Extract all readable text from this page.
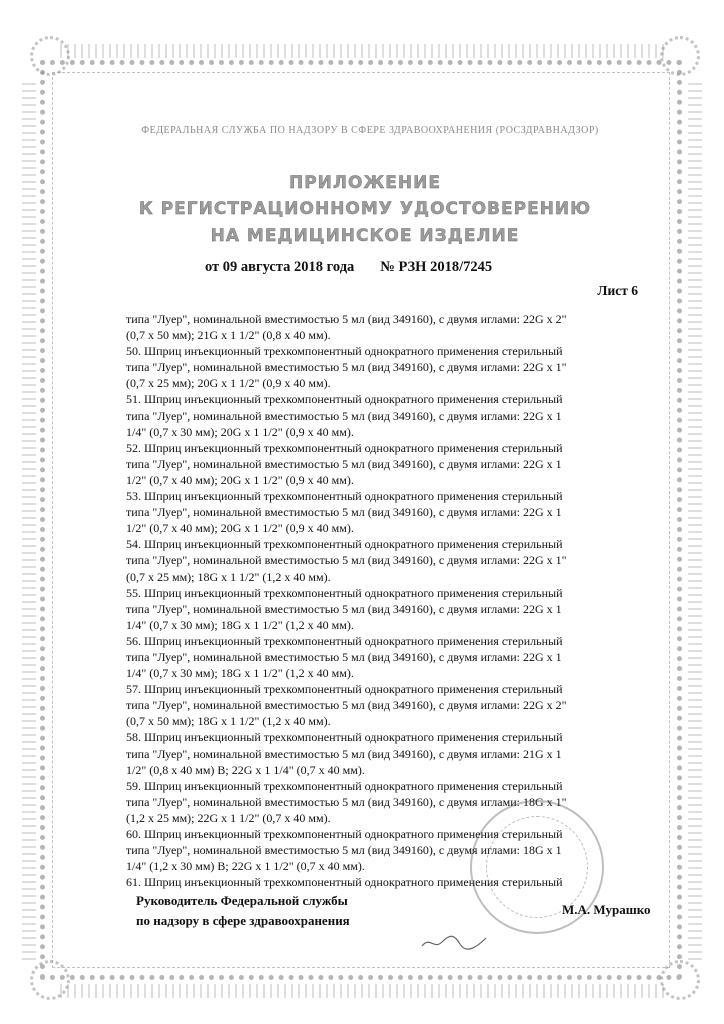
ФЕДЕРАЛЬНАЯ СЛУЖБА ПО НАДЗОРУ В СФЕРЕ ЗДРАВООХРАНЕНИЯ (РОСЗДРАВНАДЗОР)
ПРИЛОЖЕНИЕ
К РЕГИСТРАЦИОННОМУ УДОСТОВЕРЕНИЮ
НА МЕДИЦИНСКОЕ ИЗДЕЛИЕ
от 09 августа 2018 года № РЗН 2018/7245
Лист 6
типа "Луер", номинальной вместимостью 5 мл (вид 349160), с двумя иглами: 22G x 2"
(0,7 x 50 мм); 21G x 1 1/2" (0,8 x 40 мм).
50. Шприц инъекционный трехкомпонентный однократного применения стерильный
типа "Луер", номинальной вместимостью 5 мл (вид 349160), с двумя иглами: 22G x 1"
(0,7 x 25 мм); 20G x 1 1/2" (0,9 x 40 мм).
51. Шприц инъекционный трехкомпонентный однократного применения стерильный
типа "Луер", номинальной вместимостью 5 мл (вид 349160), с двумя иглами: 22G x 1
1/4" (0,7 x 30 мм); 20G x 1 1/2" (0,9 x 40 мм).
52. Шприц инъекционный трехкомпонентный однократного применения стерильный
типа "Луер", номинальной вместимостью 5 мл (вид 349160), с двумя иглами: 22G x 1
1/2" (0,7 x 40 мм); 20G x 1 1/2" (0,9 x 40 мм).
53. Шприц инъекционный трехкомпонентный однократного применения стерильный
типа "Луер", номинальной вместимостью 5 мл (вид 349160), с двумя иглами: 22G x 1
1/2" (0,7 x 40 мм); 20G x 1 1/2" (0,9 x 40 мм).
54. Шприц инъекционный трехкомпонентный однократного применения стерильный
типа "Луер", номинальной вместимостью 5 мл (вид 349160), с двумя иглами: 22G x 1"
(0,7 x 25 мм); 18G x 1 1/2" (1,2 x 40 мм).
55. Шприц инъекционный трехкомпонентный однократного применения стерильный
типа "Луер", номинальной вместимостью 5 мл (вид 349160), с двумя иглами: 22G x 1
1/4" (0,7 x 30 мм); 18G x 1 1/2" (1,2 x 40 мм).
56. Шприц инъекционный трехкомпонентный однократного применения стерильный
типа "Луер", номинальной вместимостью 5 мл (вид 349160), с двумя иглами: 22G x 1
1/4" (0,7 x 30 мм); 18G x 1 1/2" (1,2 x 40 мм).
57. Шприц инъекционный трехкомпонентный однократного применения стерильный
типа "Луер", номинальной вместимостью 5 мл (вид 349160), с двумя иглами: 22G x 2"
(0,7 x 50 мм); 18G x 1 1/2" (1,2 x 40 мм).
58. Шприц инъекционный трехкомпонентный однократного применения стерильный
типа "Луер", номинальной вместимостью 5 мл (вид 349160), с двумя иглами: 21G x 1
1/2" (0,8 x 40 мм) В; 22G x 1 1/4" (0,7 x 40 мм).
59. Шприц инъекционный трехкомпонентный однократного применения стерильный
типа "Луер", номинальной вместимостью 5 мл (вид 349160), с двумя иглами: 18G x 1"
(1,2 x 25 мм); 22G x 1 1/2" (0,7 x 40 мм).
60. Шприц инъекционный трехкомпонентный однократного применения стерильный
типа "Луер", номинальной вместимостью 5 мл (вид 349160), с двумя иглами: 18G x 1
1/4" (1,2 x 30 мм) В; 22G x 1 1/2" (0,7 x 40 мм).
61. Шприц инъекционный трехкомпонентный однократного применения стерильный
Руководитель Федеральной службы
по надзору в сфере здравоохранения
М.А. Мурашко
